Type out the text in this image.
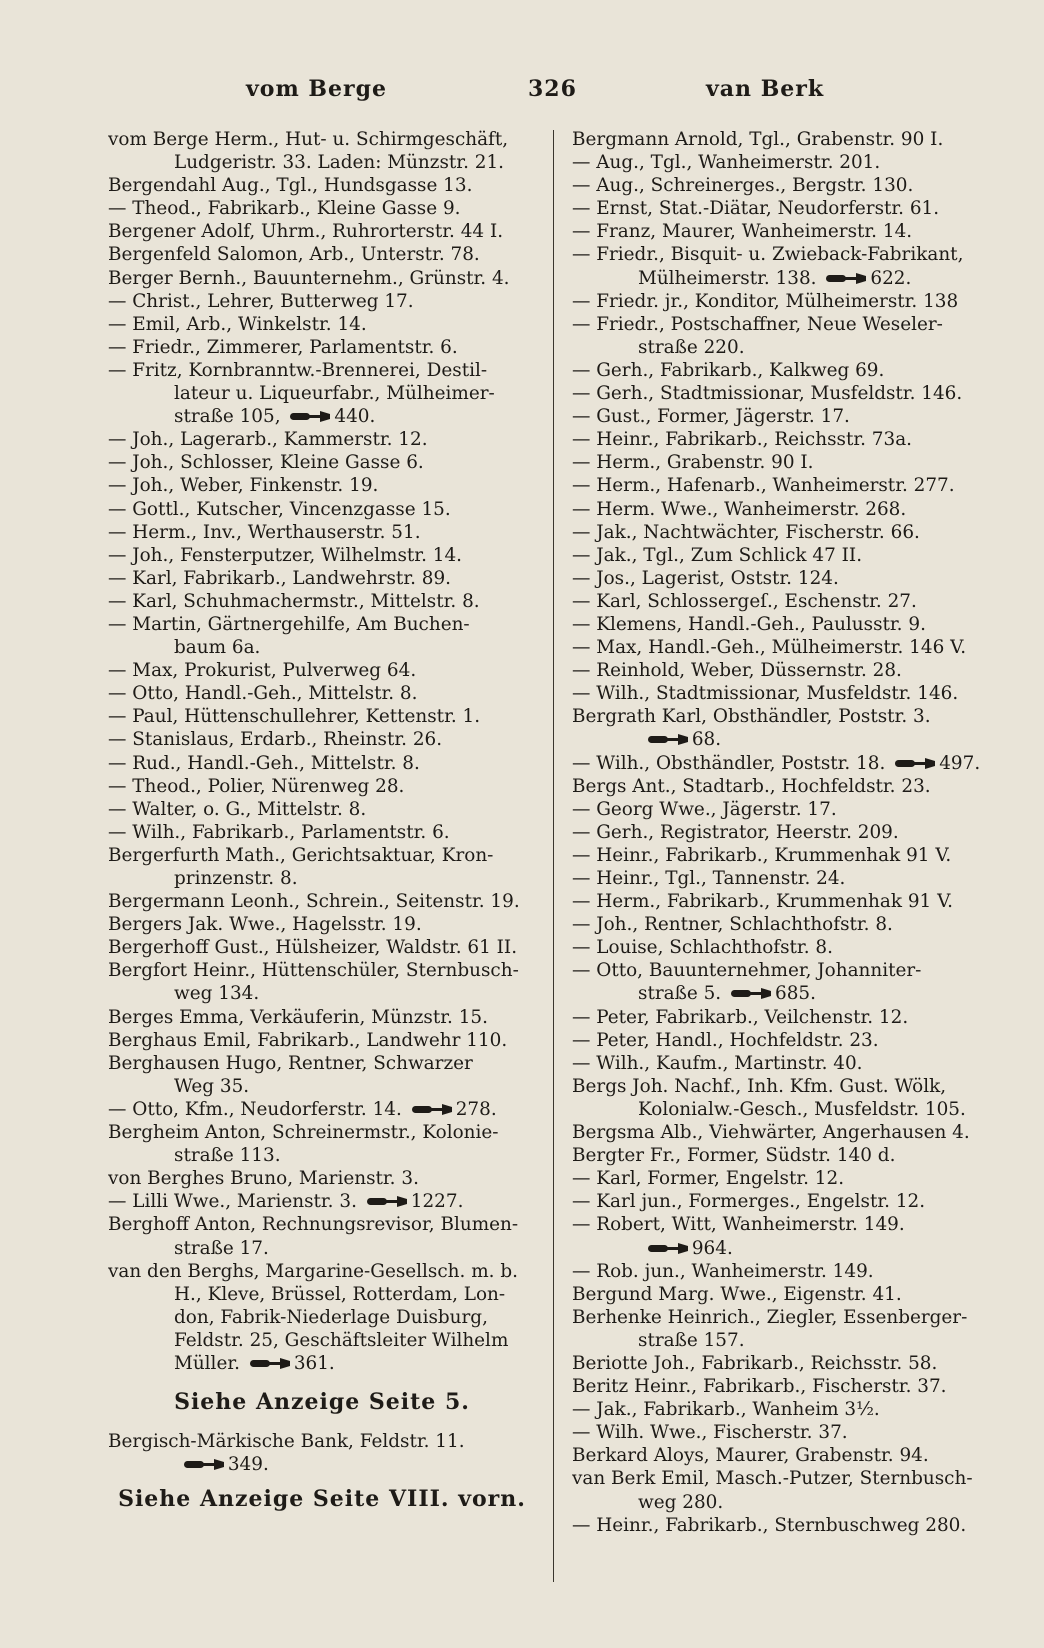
vom Berge	326	van Berk
vom Berge Herm., Hut- u. Schirmgeschäft,
Ludgeristr. 33. Laden: Münzstr. 21.
Bergendahl Aug., Tgl., Hundsgasse 13.
— Theod., Fabrikarb., Kleine Gasse 9.
Bergener Adolf, Uhrm., Ruhrorterstr. 44 I.
Bergenfeld Salomon, Arb., Unterstr. 78.
Berger Bernh., Bauunternehm., Grünstr. 4.
— Christ., Lehrer, Butterweg 17.
— Emil, Arb., Winkelstr. 14.
— Friedr., Zimmerer, Parlamentstr. 6.
— Fritz, Kornbranntw.-Brennerei, Destil-
lateur u. Liqueurfabr., Mülheimer-
straße 105,	440.
— Joh., Lagerarb., Kammerstr. 12.
— Joh., Schlosser, Kleine Gasse 6.
— Joh., Weber, Finkenstr. 19.
— Gottl., Kutscher, Vincenzgasse 15.
— Herm., Inv., Werthauserstr. 51.
— Joh., Fensterputzer, Wilhelmstr. 14.
— Karl, Fabrikarb., Landwehrstr. 89.
— Karl, Schuhmachermstr., Mittelstr. 8.
— Martin, Gärtnergehilfe, Am Buchen-
baum 6a.
— Max, Prokurist, Pulverweg 64.
— Otto, Handl.-Geh., Mittelstr. 8.
— Paul, Hüttenschullehrer, Kettenstr. 1.
— Stanislaus, Erdarb., Rheinstr. 26.
— Rud., Handl.-Geh., Mittelstr. 8.
— Theod., Polier, Nürenweg 28.
— Walter, o. G., Mittelstr. 8.
— Wilh., Fabrikarb., Parlamentstr. 6.
Bergerfurth Math., Gerichtsaktuar, Kron-
prinzenstr. 8.
Bergermann Leonh., Schrein., Seitenstr. 19.
Bergers Jak. Wwe., Hagelsstr. 19.
Bergerhoff Gust., Hülsheizer, Waldstr. 61 II.
Bergfort Heinr., Hüttenschüler, Sternbusch-
weg 134.
Berges Emma, Verkäuferin, Münzstr. 15.
Berghaus Emil, Fabrikarb., Landwehr 110.
Berghausen Hugo, Rentner, Schwarzer
Weg 35.
— Otto, Kfm., Neudorferstr. 14.	278.
Bergheim Anton, Schreinermstr., Kolonie-
straße 113.
von Berghes Bruno, Marienstr. 3.
— Lilli Wwe., Marienstr. 3.	1227.
Berghoff Anton, Rechnungsrevisor, Blumen-
straße 17.
van den Berghs, Margarine-Gesellsch. m. b.
H., Kleve, Brüssel, Rotterdam, Lon-
don, Fabrik-Niederlage Duisburg,
Feldstr. 25, Geschäftsleiter Wilhelm
Müller.	361.
Siehe Anzeige Seite 5.
Bergisch-Märkische Bank, Feldstr. 11.
349.
Siehe Anzeige Seite VIII. vorn.
Bergmann Arnold, Tgl., Grabenstr. 90 I.
— Aug., Tgl., Wanheimerstr. 201.
— Aug., Schreinerges., Bergstr. 130.
— Ernst, Stat.-Diätar, Neudorferstr. 61.
— Franz, Maurer, Wanheimerstr. 14.
— Friedr., Bisquit- u. Zwieback-Fabrikant,
Mülheimerstr. 138.	622.
— Friedr. jr., Konditor, Mülheimerstr. 138
— Friedr., Postschaffner, Neue Weseler-
straße 220.
— Gerh., Fabrikarb., Kalkweg 69.
— Gerh., Stadtmissionar, Musfeldstr. 146.
— Gust., Former, Jägerstr. 17.
— Heinr., Fabrikarb., Reichsstr. 73a.
— Herm., Grabenstr. 90 I.
— Herm., Hafenarb., Wanheimerstr. 277.
— Herm. Wwe., Wanheimerstr. 268.
— Jak., Nachtwächter, Fischerstr. 66.
— Jak., Tgl., Zum Schlick 47 II.
— Jos., Lagerist, Oststr. 124.
— Karl, Schlossergeſ., Eschenstr. 27.
— Klemens, Handl.-Geh., Paulusstr. 9.
— Max, Handl.-Geh., Mülheimerstr. 146 V.
— Reinhold, Weber, Düssernstr. 28.
— Wilh., Stadtmissionar, Musfeldstr. 146.
Bergrath Karl, Obsthändler, Poststr. 3.
68.
— Wilh., Obsthändler, Poststr. 18.	497.
Bergs Ant., Stadtarb., Hochfeldstr. 23.
— Georg Wwe., Jägerstr. 17.
— Gerh., Registrator, Heerstr. 209.
— Heinr., Fabrikarb., Krummenhak 91 V.
— Heinr., Tgl., Tannenstr. 24.
— Herm., Fabrikarb., Krummenhak 91 V.
— Joh., Rentner, Schlachthofstr. 8.
— Louise, Schlachthofstr. 8.
— Otto, Bauunternehmer, Johanniter-
straße 5.	685.
— Peter, Fabrikarb., Veilchenstr. 12.
— Peter, Handl., Hochfeldstr. 23.
— Wilh., Kaufm., Martinstr. 40.
Bergs Joh. Nachf., Inh. Kfm. Gust. Wölk,
Kolonialw.-Gesch., Musfeldstr. 105.
Bergsma Alb., Viehwärter, Angerhausen 4.
Bergter Fr., Former, Südstr. 140 d.
— Karl, Former, Engelstr. 12.
— Karl jun., Formerges., Engelstr. 12.
— Robert, Witt, Wanheimerstr. 149.
964.
— Rob. jun., Wanheimerstr. 149.
Bergund Marg. Wwe., Eigenstr. 41.
Berhenke Heinrich., Ziegler, Essenberger-
straße 157.
Beriotte Joh., Fabrikarb., Reichsstr. 58.
Beritz Heinr., Fabrikarb., Fischerstr. 37.
— Jak., Fabrikarb., Wanheim 3½.
— Wilh. Wwe., Fischerstr. 37.
Berkard Aloys, Maurer, Grabenstr. 94.
van Berk Emil, Masch.-Putzer, Sternbusch-
weg 280.
— Heinr., Fabrikarb., Sternbuschweg 280.
